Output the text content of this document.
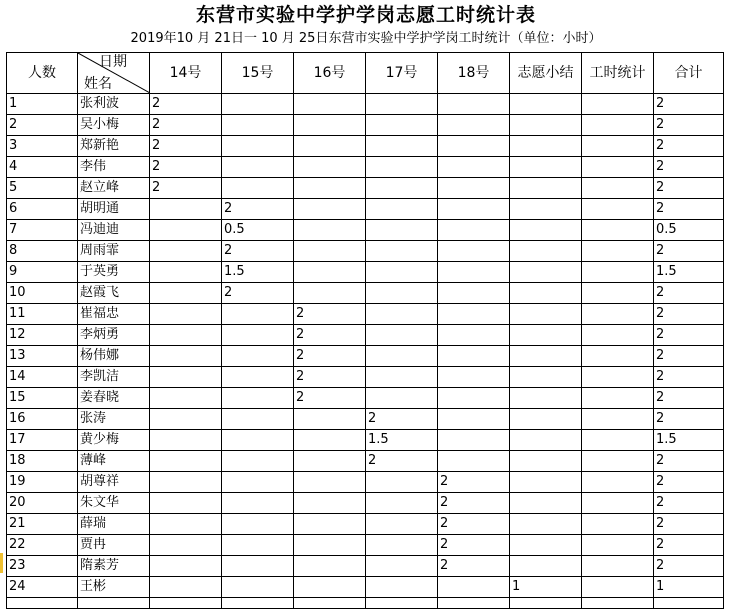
东营市实验中学护学岗志愿工时统计表
2019年10 月 21日一 10 月 25日东营市实验中学护学岗工时统计（单位：小时）
人数	日期
姓名	14号	15号	16号	17号	18号	志愿小结	工时统计	合计
1	张利波	2							2
2	吴小梅	2							2
3	郑新艳	2							2
4	李伟	2							2
5	赵立峰	2							2
6	胡明通		2						2
7	冯迪迪		0.5						0.5
8	周雨霏		2						2
9	于英勇		1.5						1.5
10	赵霞飞		2						2
11	崔福忠			2					2
12	李炳勇			2					2
13	杨伟娜			2					2
14	李凯洁			2					2
15	姜春晓			2					2
16	张涛				2				2
17	黄少梅				1.5				1.5
18	薄峰				2				2
19	胡尊祥					2			2
20	朱文华					2			2
21	薛瑞					2			2
22	贾冉					2			2
23	隋素芳					2			2
24	王彬						1		1
